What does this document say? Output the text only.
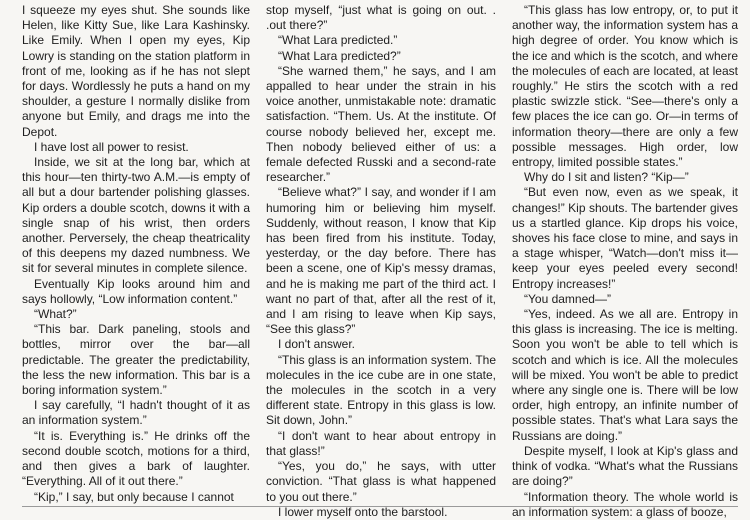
I squeeze my eyes shut. She sounds like Helen, like Kitty Sue, like Lara Kashinsky. Like Emily. When I open my eyes, Kip Lowry is standing on the station platform in front of me, looking as if he has not slept for days. Wordlessly he puts a hand on my shoulder, a gesture I normally dislike from anyone but Emily, and drags me into the Depot.

I have lost all power to resist.

Inside, we sit at the long bar, which at this hour—ten thirty-two A.M.—is empty of all but a dour bartender polishing glasses. Kip orders a double scotch, downs it with a single snap of his wrist, then orders another. Perversely, the cheap theatricality of this deepens my dazed numbness. We sit for several minutes in complete silence.

Eventually Kip looks around him and says hollowly, “Low information content.”

“What?”

“This bar. Dark paneling, stools and bottles, mirror over the bar—all predictable. The greater the predictability, the less the new information. This bar is a boring information system.”

I say carefully, “I hadn't thought of it as an information system.”

“It is. Everything is.” He drinks off the second double scotch, motions for a third, and then gives a bark of laughter. “Everything. All of it out there.”

“Kip,” I say, but only because I cannot

stop myself, “just what is going on out. . .out there?”

“What Lara predicted.”

“What Lara predicted?”

“She warned them,” he says, and I am appalled to hear under the strain in his voice another, unmistakable note: dramatic satisfaction. “Them. Us. At the institute. Of course nobody believed her, except me. Then nobody believed either of us: a female defected Russki and a second-rate researcher.”

“Believe what?” I say, and wonder if I am humoring him or believing him myself. Suddenly, without reason, I know that Kip has been fired from his institute. Today, yesterday, or the day before. There has been a scene, one of Kip's messy dramas, and he is making me part of the third act. I want no part of that, after all the rest of it, and I am rising to leave when Kip says, “See this glass?”

I don't answer.

“This glass is an information system. The molecules in the ice cube are in one state, the molecules in the scotch in a very different state. Entropy in this glass is low. Sit down, John.”

“I don't want to hear about entropy in that glass!”

“Yes, you do,” he says, with utter conviction. “That glass is what happened to you out there.”

I lower myself onto the barstool.

“This glass has low entropy, or, to put it another way, the information system has a high degree of order. You know which is the ice and which is the scotch, and where the molecules of each are located, at least roughly.” He stirs the scotch with a red plastic swizzle stick. “See—there's only a few places the ice can go. Or—in terms of information theory—there are only a few possible messages. High order, low entropy, limited possible states.”

Why do I sit and listen? “Kip—”

“But even now, even as we speak, it changes!” Kip shouts. The bartender gives us a startled glance. Kip drops his voice, shoves his face close to mine, and says in a stage whisper, “Watch—don't miss it—keep your eyes peeled every second! Entropy increases!”

“You damned—”

“Yes, indeed. As we all are. Entropy in this glass is increasing. The ice is melting. Soon you won't be able to tell which is scotch and which is ice. All the molecules will be mixed. You won't be able to predict where any single one is. There will be low order, high entropy, an infinite number of possible states. That's what Lara says the Russians are doing.”

Despite myself, I look at Kip's glass and think of vodka. “What's what the Russians are doing?”

“Information theory. The whole world is an information system: a glass of booze,
